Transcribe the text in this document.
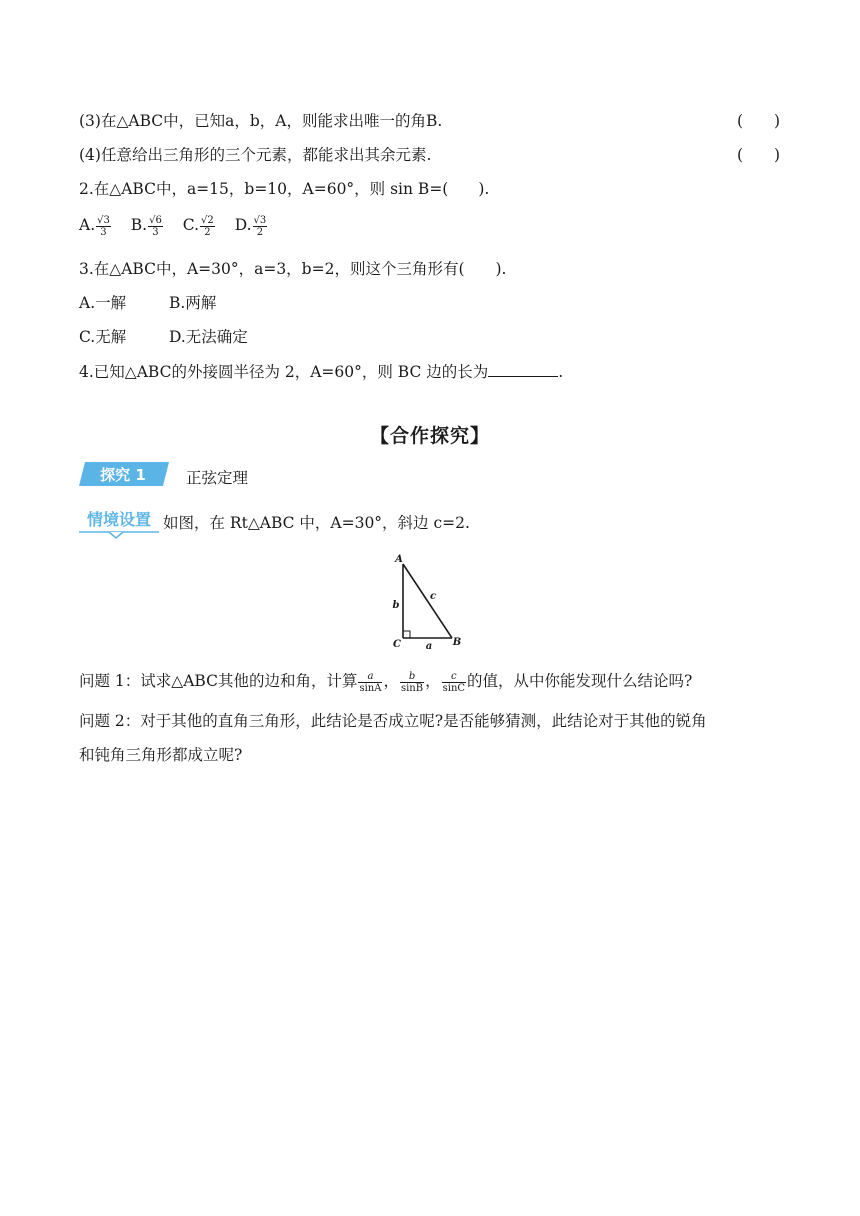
(3)在△ABC中，已知a，b，A，则能求出唯一的角B.	(　　)
(4)任意给出三角形的三个元素，都能求出其余元素.	(　　)
2.在△ABC中，a=15，b=10，A=60°，则 sin B=( ).
A. $\frac{√3}{3} B$. $\frac{√6}{3} C$. $\frac{√2}{2} D$. $\frac{√3}{2}$
3.在△ABC中，A=30°，a=3，b=2，则这个三角形有(　　).
A.一解	B.两解
C.无解	D.无法确定
4.已知△ABC的外接圆半径为 2，A=60°，则 BC 边的长为	.
【合作探究】
探究 1	正弦定理
情境设置 如图，在 Rt△ABC 中，A=30°，斜边 c=2.
A
B
C a
b
c
问题 1：试求△ABC其他的边和角，计算 $\frac{a}{\sin A}$ ， $\frac{b}{\sin B}$ ， $\frac{c}{\sin C}$ 的值，从中你能发现什么结论吗?
问题 2：对于其他的直角三角形，此结论是否成立呢?是否能够猜测，此结论对于其他的锐角
和钝角三角形都成立呢?
